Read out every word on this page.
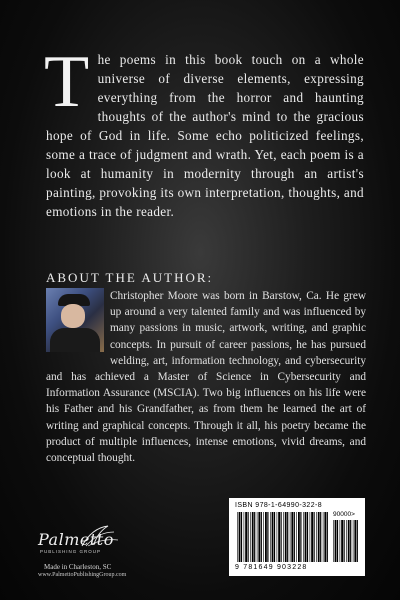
T he poems in this book touch on a whole universe of diverse elements, expressing everything from the horror and haunting thoughts of the author's mind to the gracious hope of God in life. Some echo politicized feelings, some a trace of judgment and wrath. Yet, each poem is a look at humanity in modernity through an artist's painting, provoking its own interpretation, thoughts, and emotions in the reader.
ABOUT THE AUTHOR:
Christopher Moore was born in Barstow, Ca. He grew up around a very talented family and was influenced by many passions in music, artwork, writing, and graphic concepts. In pursuit of career passions, he has pursued welding, art, information technology, and cybersecurity and has achieved a Master of Science in Cybersecurity and Information Assurance (MSCIA). Two big influences on his life were his Father and his Grandfather, as from them he learned the art of writing and graphical concepts. Through it all, his poetry became the product of multiple influences, intense emotions, vivid dreams, and conceptual thought.
Palmetto
PUBLISHING GROUP
Made in Charleston, SC
www.PalmettoPublishingGroup.com
ISBN 978-1-64990-322-8
90000>
9 781649 903228
